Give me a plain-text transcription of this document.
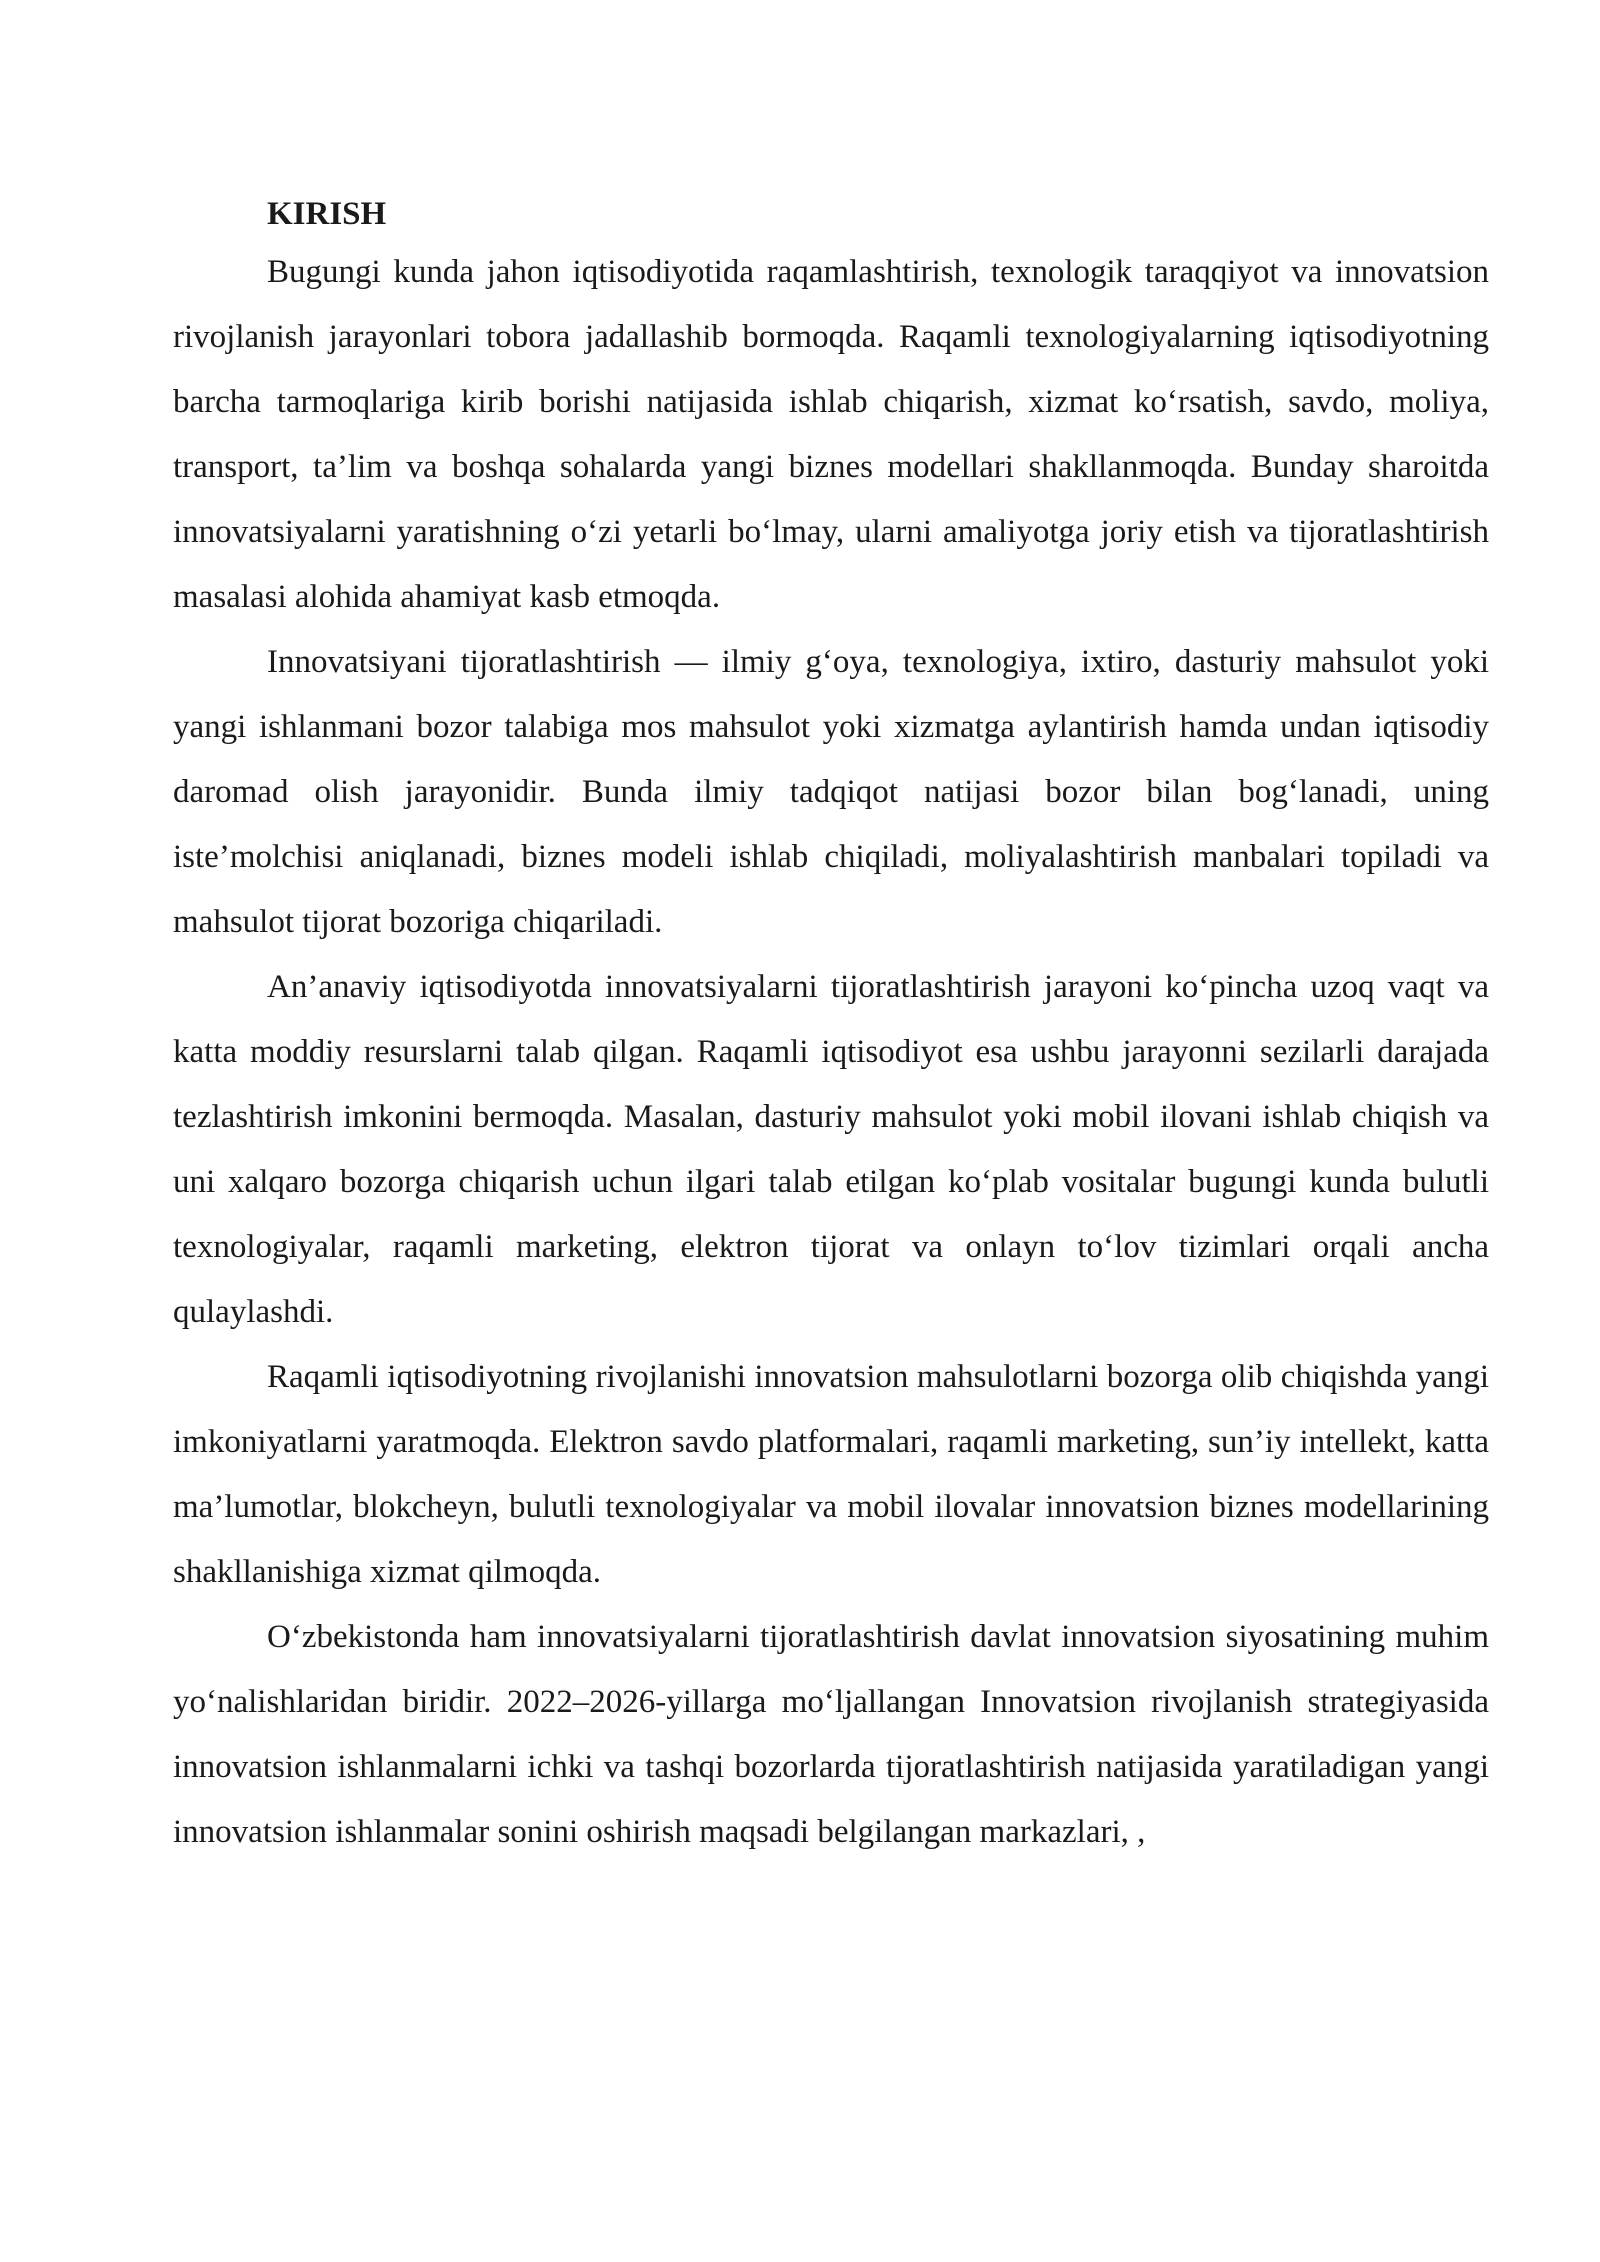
KIRISH

Bugungi kunda jahon iqtisodiyotida raqamlashtirish, texnologik taraqqiyot va innovatsion rivojlanish jarayonlari tobora jadallashib bormoqda. Raqamli texnologiyalarning iqtisodiyotning barcha tarmoqlariga kirib borishi natijasida ishlab chiqarish, xizmat ko‘rsatish, savdo, moliya, transport, ta’lim va boshqa sohalarda yangi biznes modellari shakllanmoqda. Bunday sharoitda innovatsiyalarni yaratishning o‘zi yetarli bo‘lmay, ularni amaliyotga joriy etish va tijoratlashtirish masalasi alohida ahamiyat kasb etmoqda.

Innovatsiyani tijoratlashtirish — ilmiy g‘oya, texnologiya, ixtiro, dasturiy mahsulot yoki yangi ishlanmani bozor talabiga mos mahsulot yoki xizmatga aylantirish hamda undan iqtisodiy daromad olish jarayonidir. Bunda ilmiy tadqiqot natijasi bozor bilan bog‘lanadi, uning iste’molchisi aniqlanadi, biznes modeli ishlab chiqiladi, moliyalashtirish manbalari topiladi va mahsulot tijorat bozoriga chiqariladi.

An’anaviy iqtisodiyotda innovatsiyalarni tijoratlashtirish jarayoni ko‘pincha uzoq vaqt va katta moddiy resurslarni talab qilgan. Raqamli iqtisodiyot esa ushbu jarayonni sezilarli darajada tezlashtirish imkonini bermoqda. Masalan, dasturiy mahsulot yoki mobil ilovani ishlab chiqish va uni xalqaro bozorga chiqarish uchun ilgari talab etilgan ko‘plab vositalar bugungi kunda bulutli texnologiyalar, raqamli marketing, elektron tijorat va onlayn to‘lov tizimlari orqali ancha qulaylashdi.

Raqamli iqtisodiyotning rivojlanishi innovatsion mahsulotlarni bozorga olib chiqishda yangi imkoniyatlarni yaratmoqda. Elektron savdo platformalari, raqamli marketing, sun’iy intellekt, katta ma’lumotlar, blokcheyn, bulutli texnologiyalar va mobil ilovalar innovatsion biznes modellarining shakllanishiga xizmat qilmoqda.

O‘zbekistonda ham innovatsiyalarni tijoratlashtirish davlat innovatsion siyosatining muhim yo‘nalishlaridan biridir. 2022–2026-yillarga mo‘ljallangan Innovatsion rivojlanish strategiyasida innovatsion ishlanmalarni ichki va tashqi bozorlarda tijoratlashtirish natijasida yaratiladigan yangi innovatsion ishlanmalar sonini oshirish maqsadi belgilangan markazlari, ,
